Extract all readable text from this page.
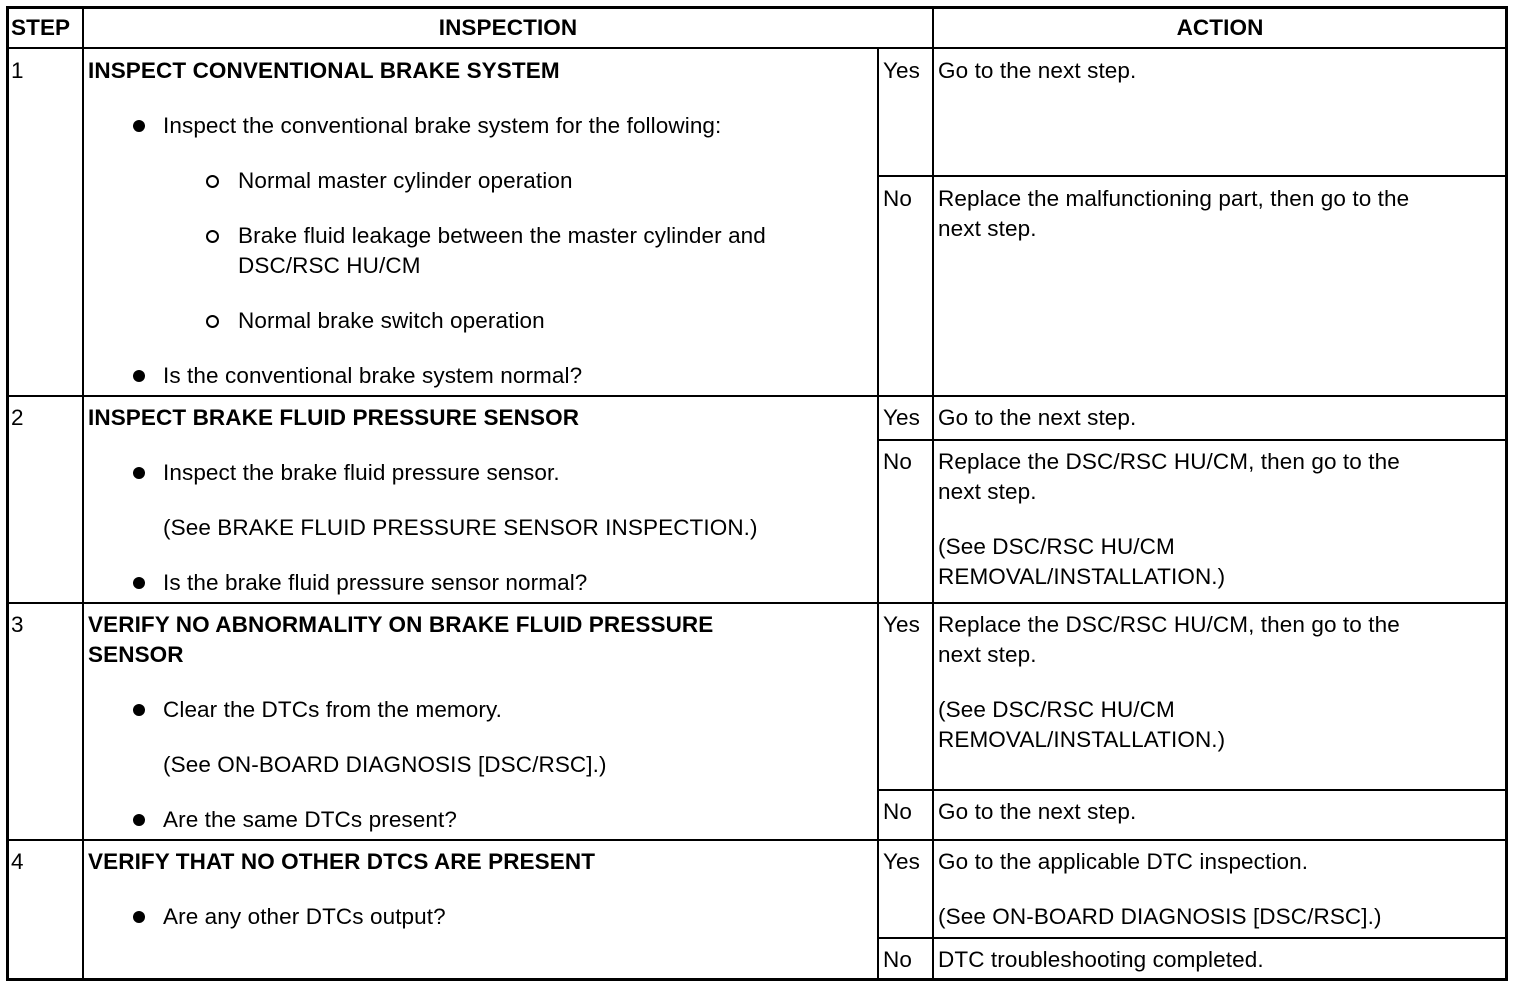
STEP	INSPECTION	ACTION
1	INSPECT CONVENTIONAL BRAKE SYSTEM
Inspect the conventional brake system for the following:
Normal master cylinder operation
Brake fluid leakage between the master cylinder and
DSC/RSC HU/CM
Normal brake switch operation
Is the conventional brake system normal?
Yes Go to the next step.
No Replace the malfunctioning part, then go to the
next step.
2	INSPECT BRAKE FLUID PRESSURE SENSOR
Inspect the brake fluid pressure sensor.
(See BRAKE FLUID PRESSURE SENSOR INSPECTION.)
Is the brake fluid pressure sensor normal?
Yes Go to the next step.
No Replace the DSC/RSC HU/CM, then go to the
next step.
(See DSC/RSC HU/CM
REMOVAL/INSTALLATION.)
3	VERIFY NO ABNORMALITY ON BRAKE FLUID PRESSURE
SENSOR
Clear the DTCs from the memory.
(See ON-BOARD DIAGNOSIS [DSC/RSC].)
Are the same DTCs present?
Yes Replace the DSC/RSC HU/CM, then go to the
next step.
(See DSC/RSC HU/CM
REMOVAL/INSTALLATION.)
No Go to the next step.
4	VERIFY THAT NO OTHER DTCS ARE PRESENT
Are any other DTCs output?
Yes Go to the applicable DTC inspection.
(See ON-BOARD DIAGNOSIS [DSC/RSC].)
No DTC troubleshooting completed.
